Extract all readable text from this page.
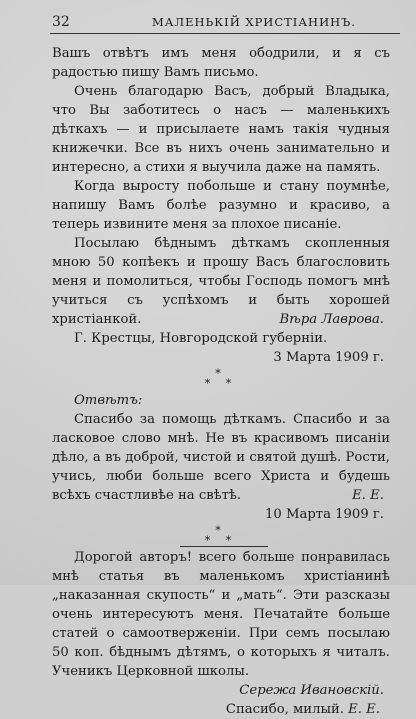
32	МАЛЕНЬКІЙ ХРИСТІАНИНЪ.

Вашъ отвѣтъ имъ меня ободрили, и я съ радостью пишу Вамъ письмо.

Очень благодарю Васъ, добрый Владыка, что Вы заботитесь о насъ — маленькихъ дѣткахъ — и присылаете намъ такія чудныя книжечки. Все въ нихъ очень занимательно и интересно, а стихи я выучила даже на память.

Когда выросту побольше и стану поумнѣе, напишу Вамъ болѣе разумно и красиво, а теперь извините меня за плохое писаніе.

Посылаю бѣднымъ дѣткамъ скопленныя мною 50 копѣекъ и прошу Васъ благословить меня и помолиться, чтобы Господь помогъ мнѣ учиться съ успѣхомъ и быть хорошей христіанкой.	Вѣра Лаврова.

Г. Крестцы, Новгородской губерніи.

3 Марта 1909 г.

*
* *

Отвѣтъ:

Спасибо за помощь дѣткамъ. Спасибо и за ласковое слово мнѣ. Не въ красивомъ писаніи дѣло, а въ доброй, чистой и святой душѣ. Рости, учись, люби больше всего Христа и будешь всѣхъ счастливѣе на свѣтѣ.	Е. Е.

10 Марта 1909 г.

*
* *

Дорогой авторъ! всего больше понравилась мнѣ статья въ маленькомъ христіанинѣ „наказанная скупость“ и „мать“. Эти разсказы очень интересуютъ меня. Печатайте больше статей о самоотверженіи. При семъ посылаю 50 коп. бѣднымъ дѣтямъ, о которыхъ я читалъ. Ученикъ Церковной школы.
Сережа Ивановскій.

Спасибо, милый. Е. Е.
